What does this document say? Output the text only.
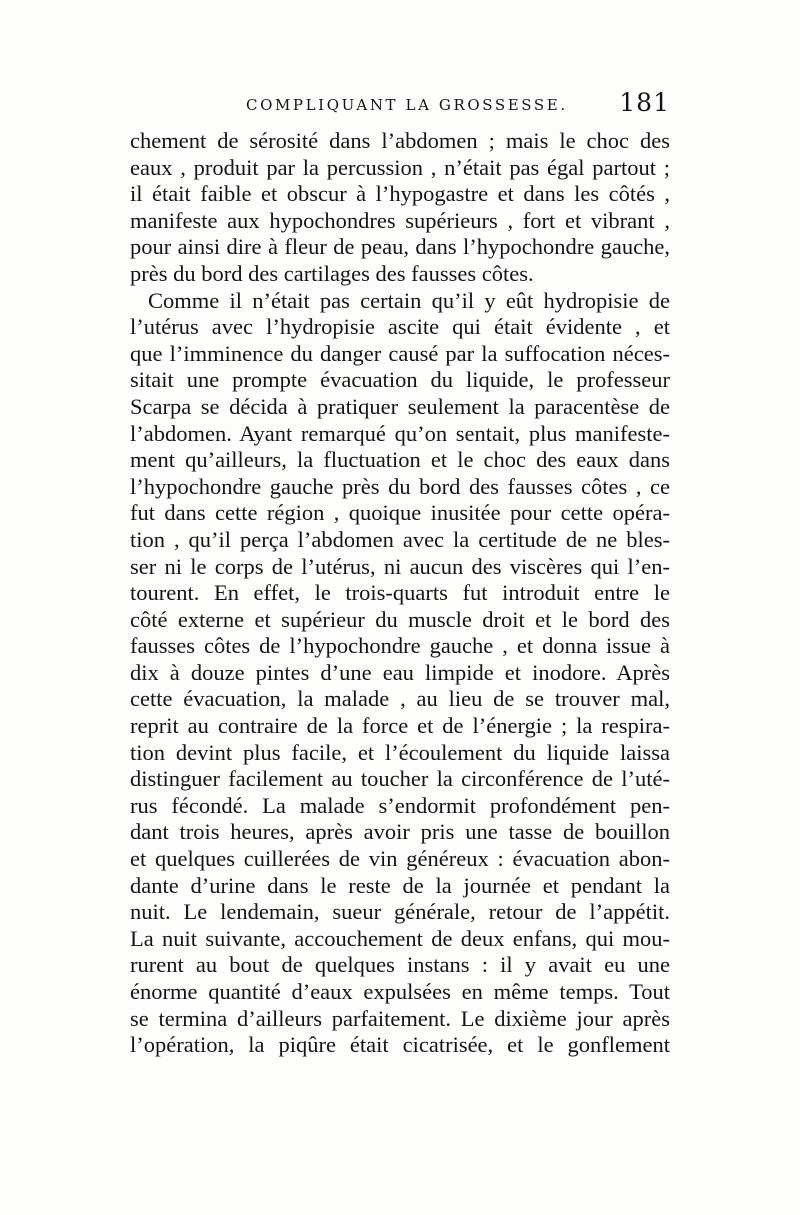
COMPLIQUANT LA GROSSESSE. 181
chement de sérosité dans l’abdomen ; mais le choc des
eaux , produit par la percussion , n’était pas égal partout ;
il était faible et obscur à l’hypogastre et dans les côtés ,
manifeste aux hypochondres supérieurs , fort et vibrant ,
pour ainsi dire à fleur de peau, dans l’hypochondre gauche,
près du bord des cartilages des fausses côtes.
Comme il n’était pas certain qu’il y eût hydropisie de
l’utérus avec l’hydropisie ascite qui était évidente , et
que l’imminence du danger causé par la suffocation néces-
sitait une prompte évacuation du liquide, le professeur
Scarpa se décida à pratiquer seulement la paracentèse de
l’abdomen. Ayant remarqué qu’on sentait, plus manifeste-
ment qu’ailleurs, la fluctuation et le choc des eaux dans
l’hypochondre gauche près du bord des fausses côtes , ce
fut dans cette région , quoique inusitée pour cette opéra-
tion , qu’il perça l’abdomen avec la certitude de ne bles-
ser ni le corps de l’utérus, ni aucun des viscères qui l’en-
tourent. En effet, le trois-quarts fut introduit entre le
côté externe et supérieur du muscle droit et le bord des
fausses côtes de l’hypochondre gauche , et donna issue à
dix à douze pintes d’une eau limpide et inodore. Après
cette évacuation, la malade , au lieu de se trouver mal,
reprit au contraire de la force et de l’énergie ; la respira-
tion devint plus facile, et l’écoulement du liquide laissa
distinguer facilement au toucher la circonférence de l’uté-
rus fécondé. La malade s’endormit profondément pen-
dant trois heures, après avoir pris une tasse de bouillon
et quelques cuillerées de vin généreux : évacuation abon-
dante d’urine dans le reste de la journée et pendant la
nuit. Le lendemain, sueur générale, retour de l’appétit.
La nuit suivante, accouchement de deux enfans, qui mou-
rurent au bout de quelques instans : il y avait eu une
énorme quantité d’eaux expulsées en même temps. Tout
se termina d’ailleurs parfaitement. Le dixième jour après
l’opération, la piqûre était cicatrisée, et le gonflement
